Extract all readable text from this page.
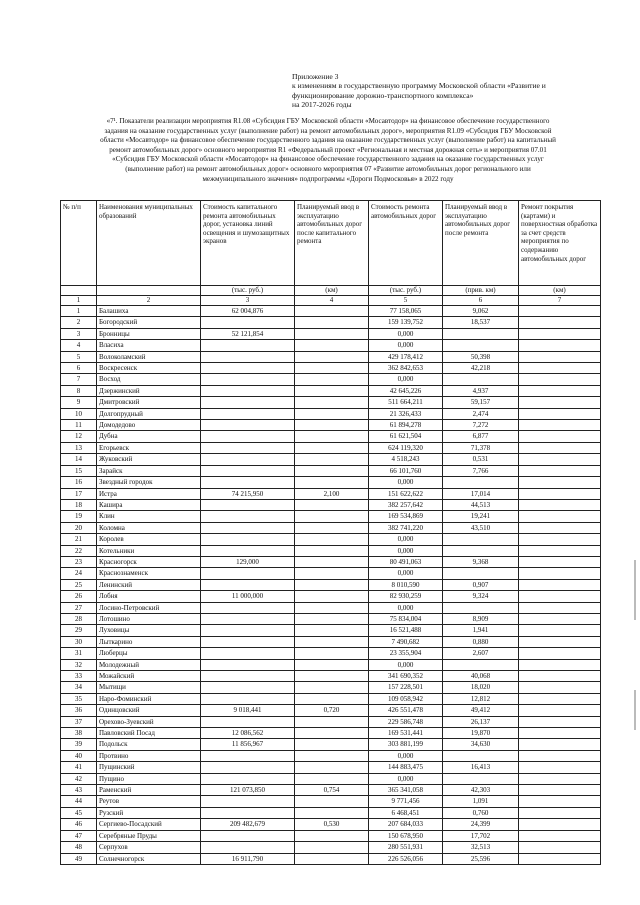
Приложение 3
к изменениям в государственную программу Московской области «Развитие и
функционирование дорожно-транспортного комплекса»
на 2017-2026 годы
«7¹. Показатели реализации мероприятия R1.08 «Субсидия ГБУ Московской области «Мосавтодор» на финансовое обеспечение государственного
задания на оказание государственных услуг (выполнение работ) на ремонт автомобильных дорог», мероприятия R1.09 «Субсидия ГБУ Московской
области «Мосавтодор» на финансовое обеспечение государственного задания на оказание государственных услуг (выполнение работ) на капитальный
ремонт автомобильных дорог» основного мероприятия R1 «Федеральный проект «Региональная и местная дорожная сеть» и мероприятия 07.01
«Субсидия ГБУ Московской области «Мосавтодор» на финансовое обеспечение государственного задания на оказание государственных услуг
(выполнение работ) на ремонт автомобильных дорог» основного мероприятия 07 «Развитие автомобильных дорог регионального или
межмуниципального значения» подпрограммы «Дороги Подмосковья» в 2022 году
№ п/п	Наименования муниципальных образований	Стоимость капитального ремонта автомобильных дорог, установка линий освещения и шумозащитных экранов	Планируемый ввод в эксплуатацию автомобильных дорог после капитального ремонта	Стоимость ремонта автомобильных дорог	Планируемый ввод в эксплуатацию автомобильных дорог после ремонта	Ремонт покрытия (картами) и поверхностная обработка за счет средств мероприятия по содержанию автомобильных дорог
		(тыс. руб.)	(км)	(тыс. руб.)	(прив. км)	(км)
1	2	3	4	5	6	7
1	Балашиха	62 004,876		77 158,065	9,062	
2	Богородский			159 139,752	18,537	
3	Бронницы	52 121,854		0,000		
4	Власиха			0,000		
5	Волоколамский			429 178,412	50,398	
6	Воскресенск			362 842,653	42,218	
7	Восход			0,000		
8	Дзержинский			42 645,226	4,937	
9	Дмитровский			511 664,211	59,157	
10	Долгопрудный			21 326,433	2,474	
11	Домодедово			61 894,278	7,272	
12	Дубна			61 621,504	6,877	
13	Егорьевск			624 119,320	71,378	
14	Жуковский			4 518,243	0,531	
15	Зарайск			66 101,760	7,766	
16	Звездный городок			0,000		
17	Истра	74 215,950	2,100	151 622,622	17,014	
18	Кашира			382 257,642	44,513	
19	Клин			169 534,869	19,241	
20	Коломна			382 741,220	43,510	
21	Королев			0,000		
22	Котельники			0,000		
23	Красногорск	129,000		80 491,063	9,368	
24	Краснознаменск			0,000		
25	Ленинский			8 010,590	0,907	
26	Лобня	11 000,000		82 930,259	9,324	
27	Лосино-Петровский			0,000		
28	Лотошино			75 834,004	8,909	
29	Луховицы			16 521,488	1,941	
30	Лыткарино			7 490,682	0,880	
31	Люберцы			23 355,904	2,607	
32	Молодежный			0,000		
33	Можайский			341 690,352	40,068	
34	Мытищи			157 228,501	18,020	
35	Наро-Фоминский			109 058,942	12,812	
36	Одинцовский	9 018,441	0,720	426 551,478	49,412	
37	Орехово-Зуевский			229 586,748	26,137	
38	Павловский Посад	12 086,562		169 531,441	19,870	
39	Подольск	11 856,967		303 881,199	34,630	
40	Протвино			0,000		
41	Пущинский			144 883,475	16,413	
42	Пущино			0,000		
43	Раменский	121 073,850	0,754	365 341,058	42,303	
44	Реутов			9 771,456	1,091	
45	Рузский			6 468,451	0,760	
46	Сергиево-Посадский	209 482,679	0,530	207 684,033	24,399	
47	Серебряные Пруды			150 678,950	17,702	
48	Серпухов			280 551,931	32,513	
49	Солнечногорск	16 911,790		226 526,056	25,596	
